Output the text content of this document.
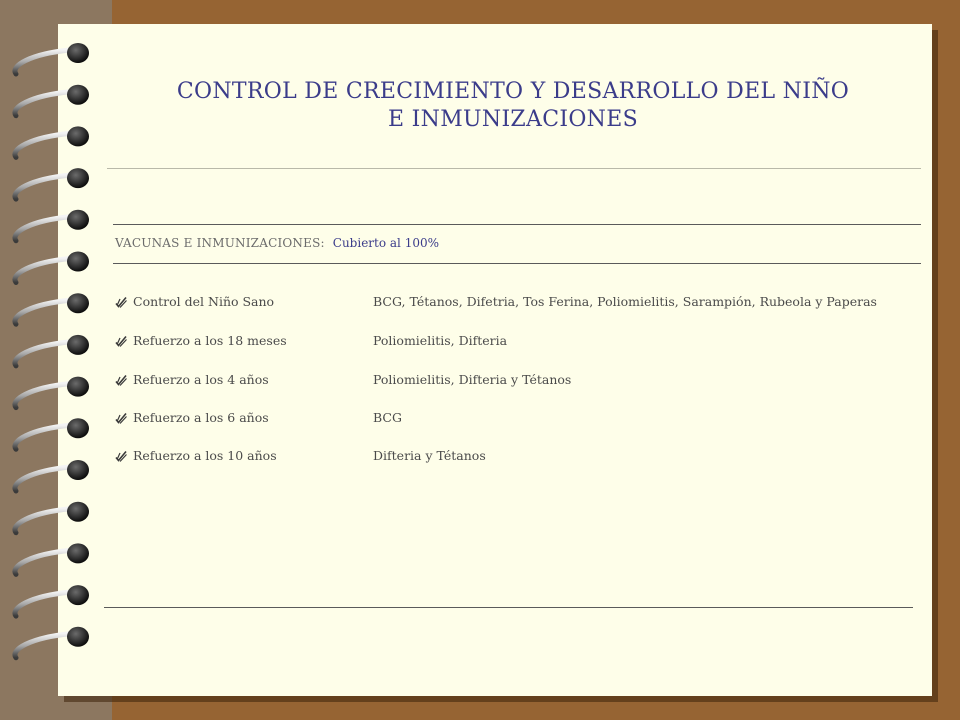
CONTROL DE CRECIMIENTO Y DESARROLLO DEL NIÑO
E INMUNIZACIONES
VACUNAS E INMUNIZACIONES: Cubierto al 100%
Control del Niño Sano	BCG, Tétanos, Difetria, Tos Ferina, Poliomielitis, Sarampión, Rubeola y Paperas
Refuerzo a los 18 meses	Poliomielitis, Difteria
Refuerzo a los 4 años	Poliomielitis, Difteria y Tétanos
Refuerzo a los 6 años	BCG
Refuerzo a los 10 años	Difteria y Tétanos
